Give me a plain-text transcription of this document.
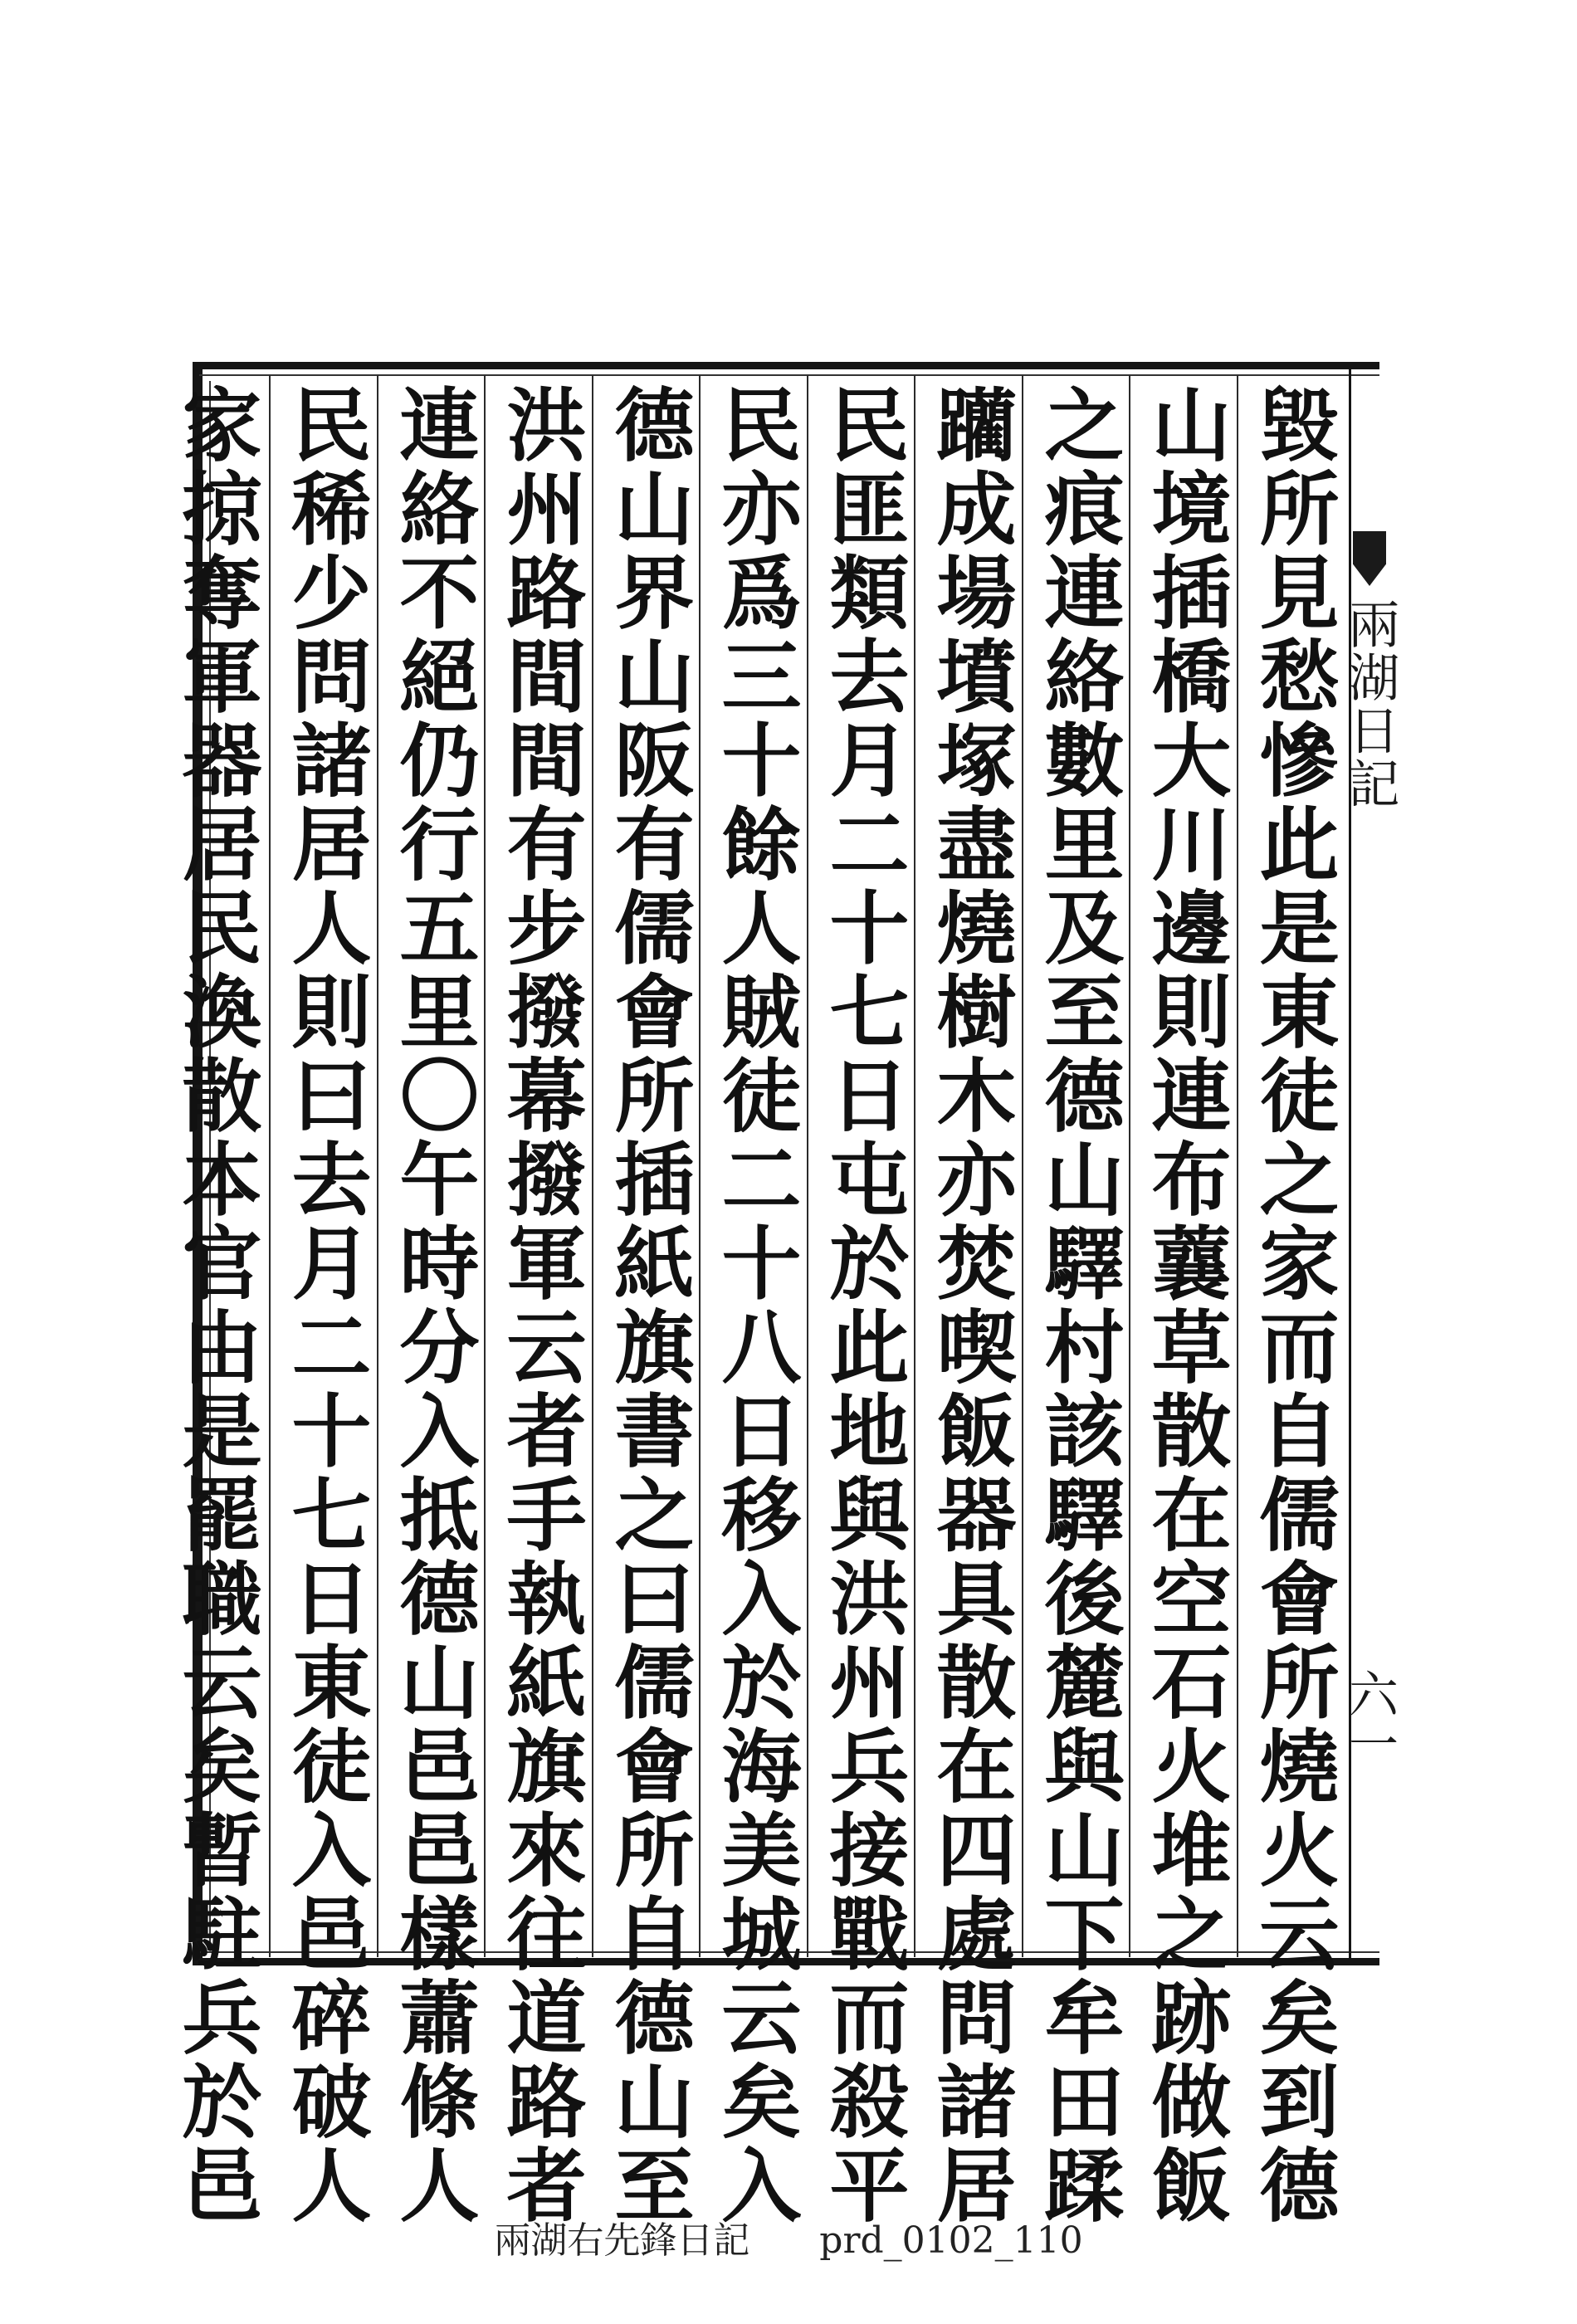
兩湖日記
六一
毀所見愁慘此是東徒之家而自儒會所燒火云矣到德
山境插橋大川邊則連布蘘草散在空石火堆之跡做飯
之痕連絡數里及至德山驛村該驛後麓與山下牟田蹂
躪成場墳塚盡燒樹木亦焚喫飯器具散在四處問諸居
民匪類去月二十七日屯於此地與洪州兵接戰而殺平
民亦爲三十餘人賊徒二十八日移入於海美城云矣入
德山界山阪有儒會所插紙旗書之曰儒會所自德山至
洪州路間間有步撥幕撥軍云者手執紙旗來往道路者
連絡不絕仍行五里〇午時分入抵德山邑邑樣蕭條人
民稀少問諸居人則曰去月二十七日東徒入邑碎破人
家掠奪軍器居民渙散本官由是罷職云矣暫駐兵於邑
兩湖右先鋒日記 prd_0102_110
